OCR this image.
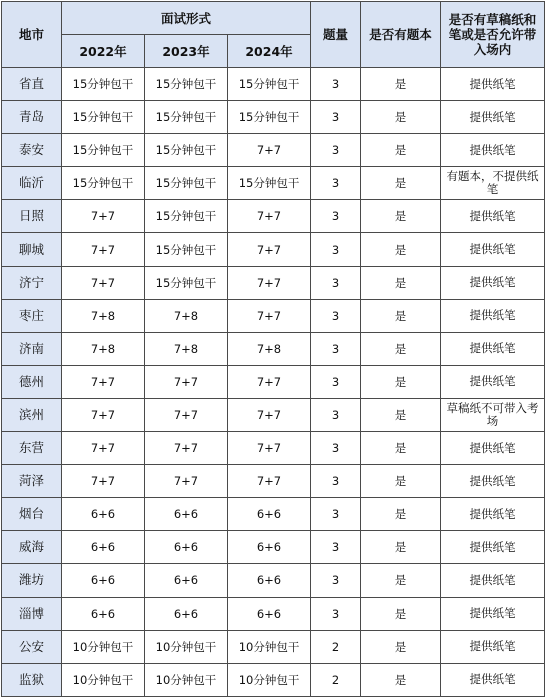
地市	面试形式			题量	是否有题本	是否有草稿纸和笔或是否允许带入场内
	2022年	2023年	2024年			
省直	15分钟包干	15分钟包干	15分钟包干	3	是	提供纸笔
青岛	15分钟包干	15分钟包干	15分钟包干	3	是	提供纸笔
泰安	15分钟包干	15分钟包干	7+7	3	是	提供纸笔
临沂	15分钟包干	15分钟包干	15分钟包干	3	是	有题本，不提供纸笔
日照	7+7	15分钟包干	7+7	3	是	提供纸笔
聊城	7+7	15分钟包干	7+7	3	是	提供纸笔
济宁	7+7	15分钟包干	7+7	3	是	提供纸笔
枣庄	7+8	7+8	7+7	3	是	提供纸笔
济南	7+8	7+8	7+8	3	是	提供纸笔
德州	7+7	7+7	7+7	3	是	提供纸笔
滨州	7+7	7+7	7+7	3	是	草稿纸不可带入考场
东营	7+7	7+7	7+7	3	是	提供纸笔
菏泽	7+7	7+7	7+7	3	是	提供纸笔
烟台	6+6	6+6	6+6	3	是	提供纸笔
威海	6+6	6+6	6+6	3	是	提供纸笔
潍坊	6+6	6+6	6+6	3	是	提供纸笔
淄博	6+6	6+6	6+6	3	是	提供纸笔
公安	10分钟包干	10分钟包干	10分钟包干	2	是	提供纸笔
监狱	10分钟包干	10分钟包干	10分钟包干	2	是	提供纸笔
